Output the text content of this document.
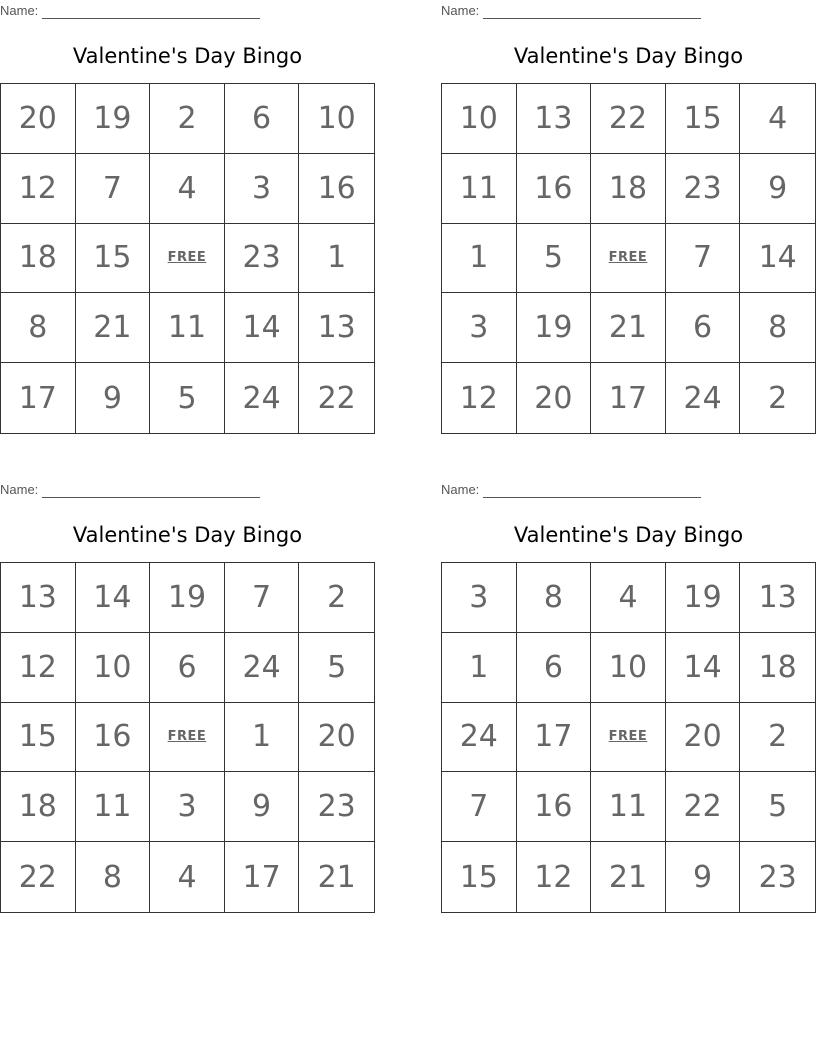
Name:
Valentine's Day Bingo
20	19	2	6	10
12	7	4	3	16
18	15	FREE	23	1
8	21	11	14	13
17	9	5	24	22
Name:
Valentine's Day Bingo
10	13	22	15	4
11	16	18	23	9
1	5	FREE	7	14
3	19	21	6	8
12	20	17	24	2
Name:
Valentine's Day Bingo
13	14	19	7	2
12	10	6	24	5
15	16	FREE	1	20
18	11	3	9	23
22	8	4	17	21
Name:
Valentine's Day Bingo
3	8	4	19	13
1	6	10	14	18
24	17	FREE	20	2
7	16	11	22	5
15	12	21	9	23
